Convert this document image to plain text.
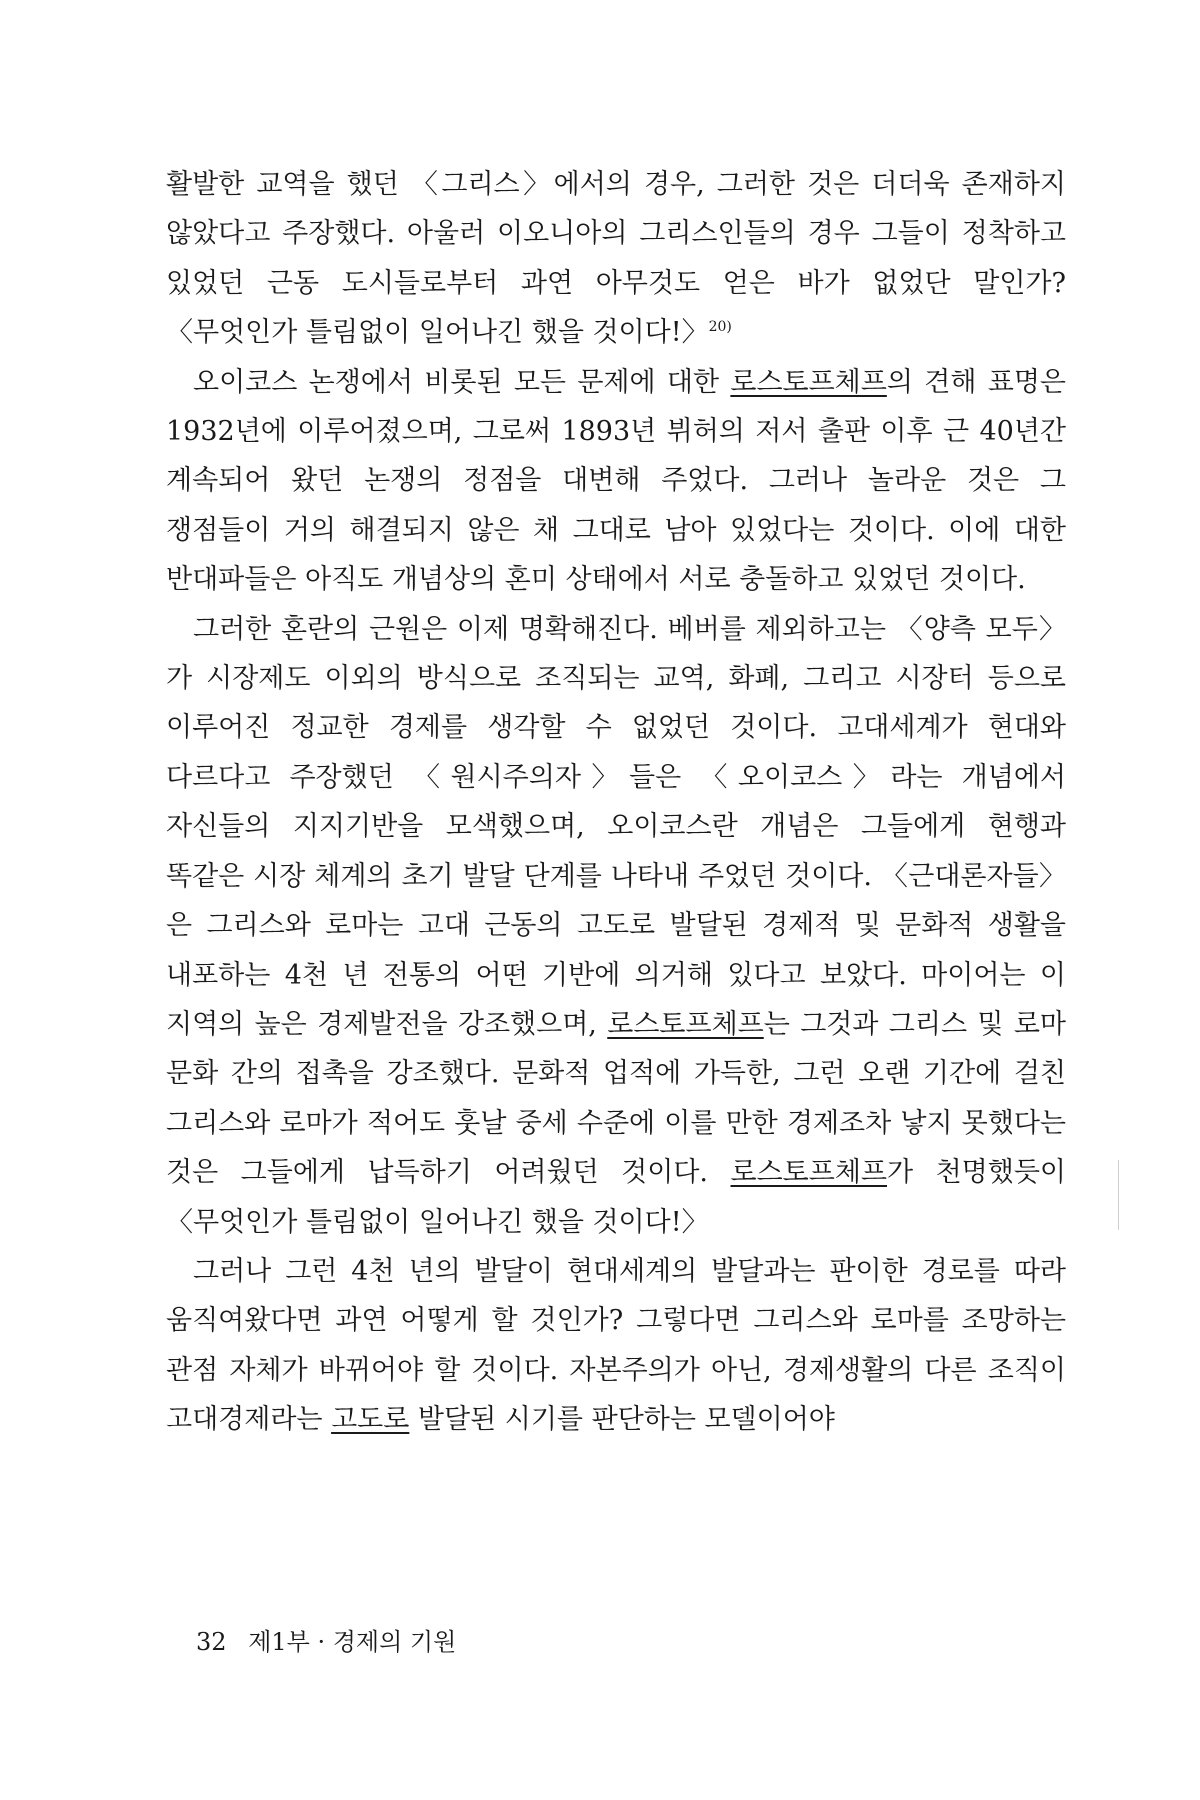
활발한 교역을 했던 〈그리스〉에서의 경우, 그러한 것은 더더욱 존재하지 않았다고 주장했다. 아울러 이오니아의 그리스인들의 경우 그들이 정착하고 있었던 근동 도시들로부터 과연 아무것도 얻은 바가 없었단 말인가? 〈무엇인가 틀림없이 일어나긴 했을 것이다!〉$^{20)}$

오이코스 논쟁에서 비롯된 모든 문제에 대한 로스토프체프의 견해 표명은 1932년에 이루어졌으며, 그로써 1893년 뷔허의 저서 출판 이후 근 40년간 계속되어 왔던 논쟁의 정점을 대변해 주었다. 그러나 놀라운 것은 그 쟁점들이 거의 해결되지 않은 채 그대로 남아 있었다는 것이다. 이에 대한 반대파들은 아직도 개념상의 혼미 상태에서 서로 충돌하고 있었던 것이다.

그러한 혼란의 근원은 이제 명확해진다. 베버를 제외하고는 〈양측 모두〉가 시장제도 이외의 방식으로 조직되는 교역, 화폐, 그리고 시장터 등으로 이루어진 정교한 경제를 생각할 수 없었던 것이다. 고대세계가 현대와 다르다고 주장했던 〈원시주의자〉들은 〈오이코스〉라는 개념에서 자신들의 지지기반을 모색했으며, 오이코스란 개념은 그들에게 현행과 똑같은 시장 체계의 초기 발달 단계를 나타내 주었던 것이다. 〈근대론자들〉은 그리스와 로마는 고대 근동의 고도로 발달된 경제적 및 문화적 생활을 내포하는 4천 년 전통의 어떤 기반에 의거해 있다고 보았다. 마이어는 이 지역의 높은 경제발전을 강조했으며, 로스토프체프는 그것과 그리스 및 로마 문화 간의 접촉을 강조했다. 문화적 업적에 가득한, 그런 오랜 기간에 걸친 그리스와 로마가 적어도 훗날 중세 수준에 이를 만한 경제조차 낳지 못했다는 것은 그들에게 납득하기 어려웠던 것이다. 로스토프체프가 천명했듯이 〈무엇인가 틀림없이 일어나긴 했을 것이다!〉

그러나 그런 4천 년의 발달이 현대세계의 발달과는 판이한 경로를 따라 움직여왔다면 과연 어떻게 할 것인가? 그렇다면 그리스와 로마를 조망하는 관점 자체가 바뀌어야 할 것이다. 자본주의가 아닌, 경제생활의 다른 조직이 고대경제라는 고도로 발달된 시기를 판단하는 모델이어야

32 제1부 · 경제의 기원
